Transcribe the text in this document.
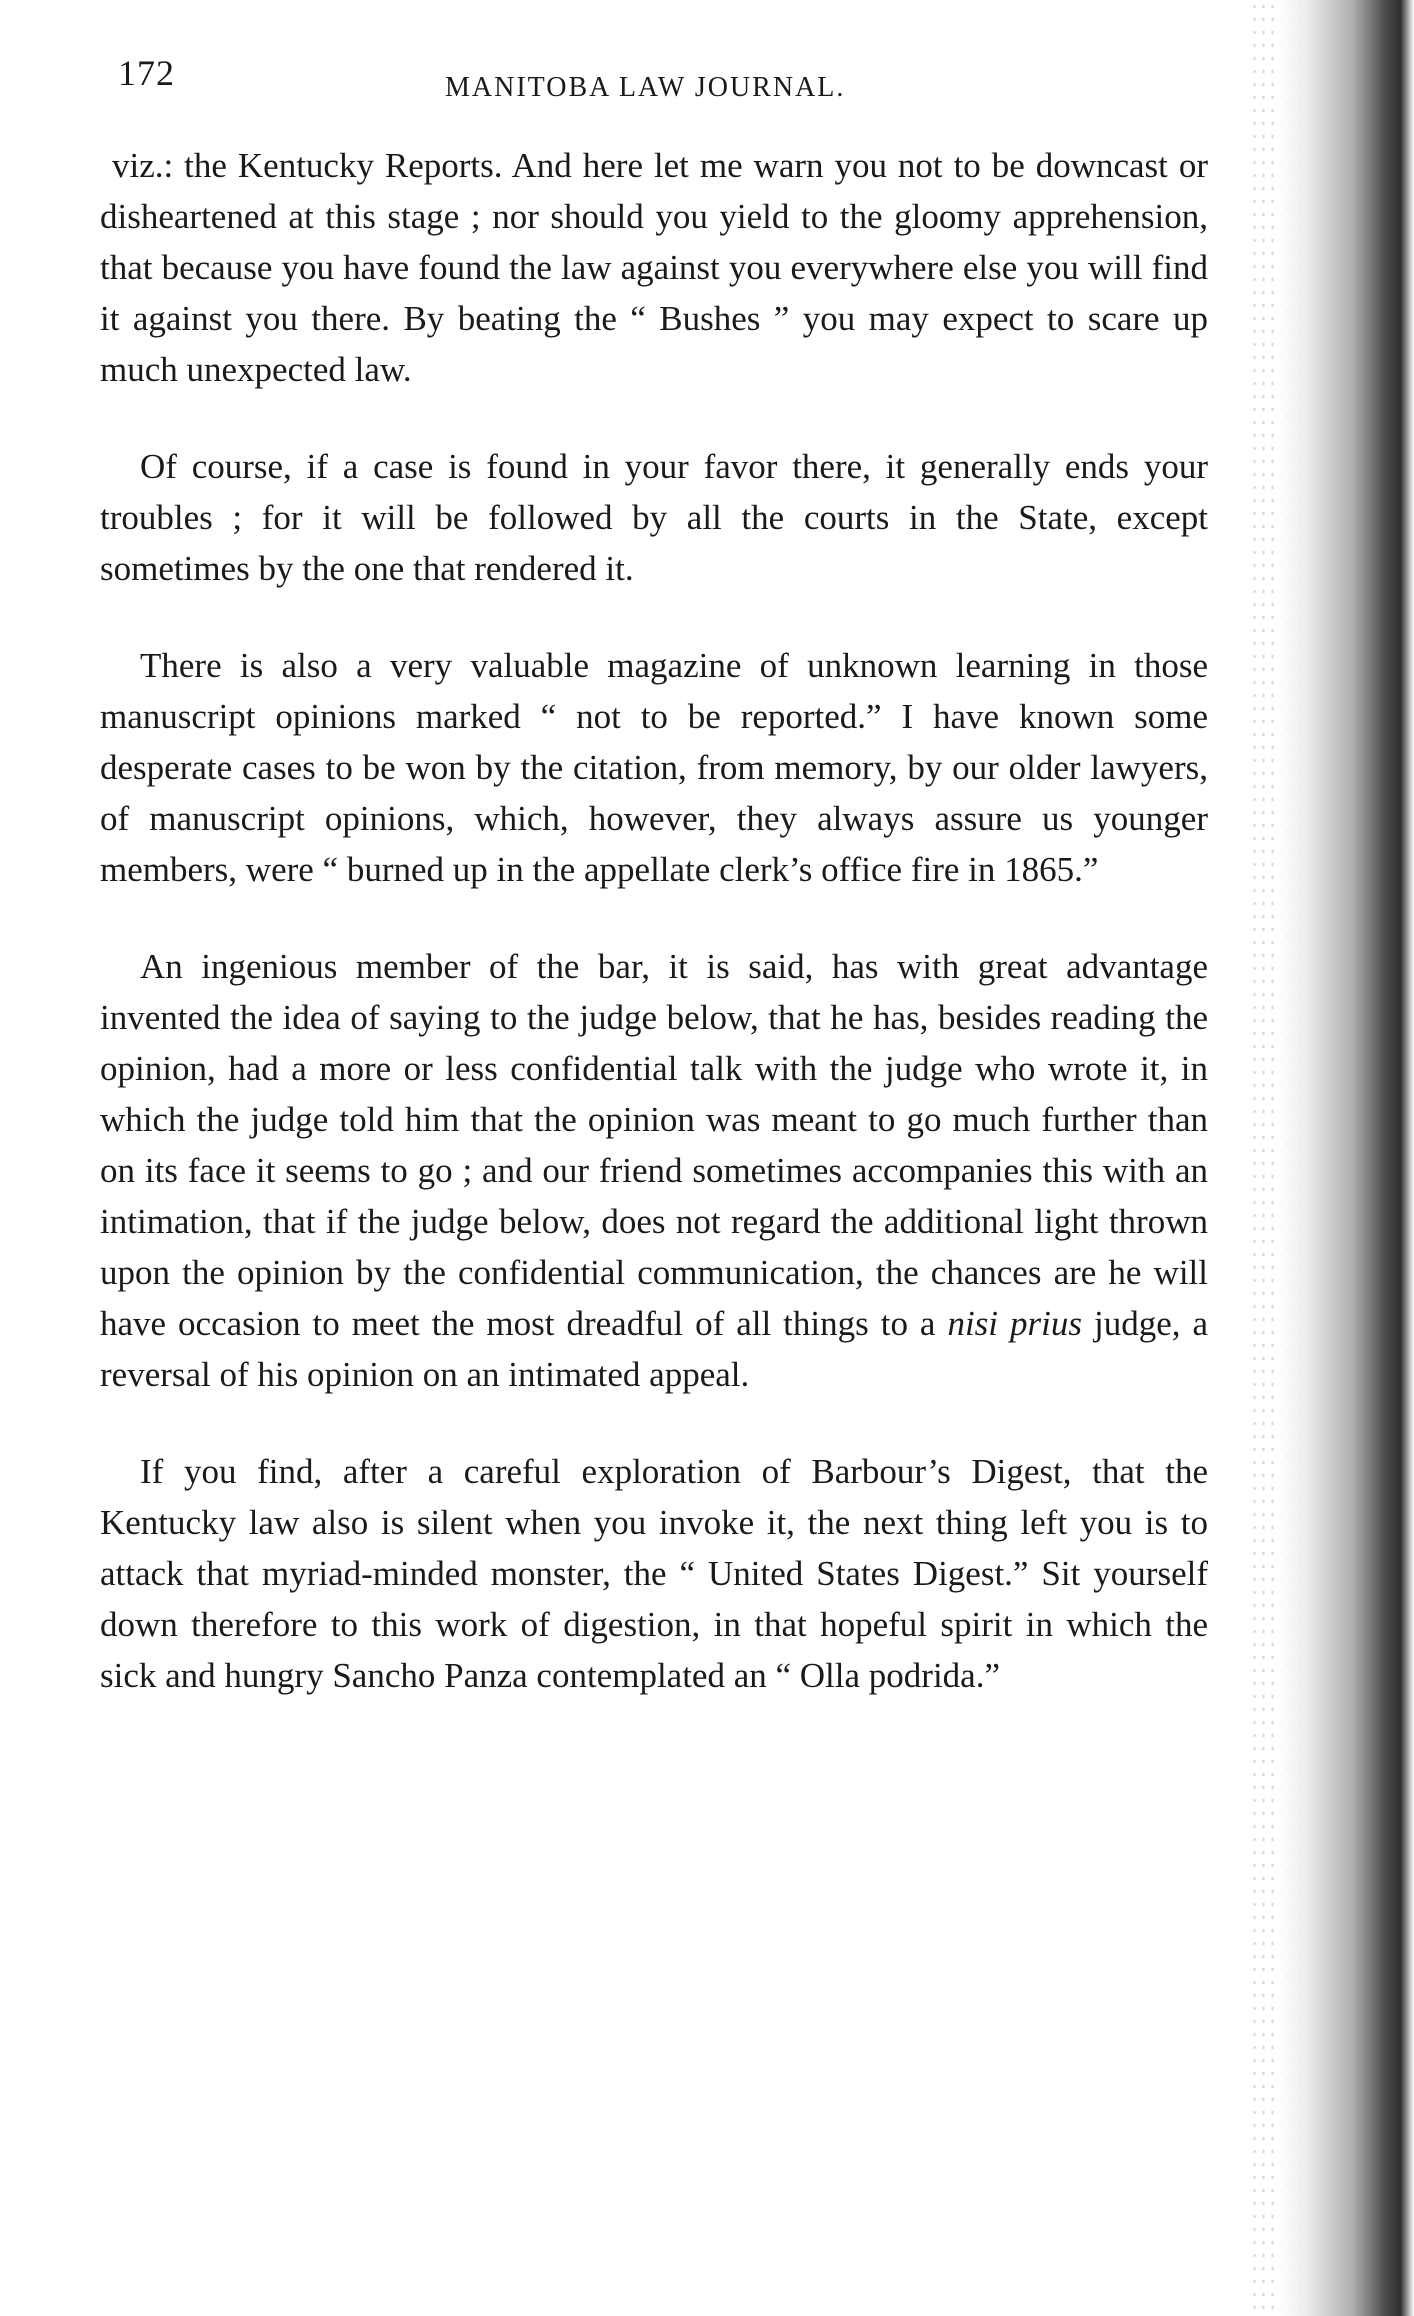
172	MANITOBA LAW JOURNAL.

viz.: the Kentucky Reports. And here let me warn you not to be downcast or disheartened at this stage ; nor should you yield to the gloomy apprehension, that because you have found the law against you everywhere else you will find it against you there. By beating the “ Bushes ” you may expect to scare up much unexpected law.

Of course, if a case is found in your favor there, it generally ends your troubles ; for it will be followed by all the courts in the State, except sometimes by the one that rendered it.

There is also a very valuable magazine of unknown learning in those manuscript opinions marked “ not to be reported.” I have known some desperate cases to be won by the citation, from memory, by our older lawyers, of manuscript opinions, which, however, they always assure us younger members, were “ burned up in the appellate clerk’s office fire in 1865.”

An ingenious member of the bar, it is said, has with great advantage invented the idea of saying to the judge below, that he has, besides reading the opinion, had a more or less confidential talk with the judge who wrote it, in which the judge told him that the opinion was meant to go much further than on its face it seems to go ; and our friend sometimes accompanies this with an intimation, that if the judge below, does not regard the additional light thrown upon the opinion by the confidential communication, the chances are he will have occasion to meet the most dreadful of all things to a nisi prius judge, a reversal of his opinion on an intimated appeal.

If you find, after a careful exploration of Barbour’s Digest, that the Kentucky law also is silent when you invoke it, the next thing left you is to attack that myriad-minded monster, the “ United States Digest.” Sit yourself down therefore to this work of digestion, in that hopeful spirit in which the sick and hungry Sancho Panza contemplated an “ Olla podrida.”
